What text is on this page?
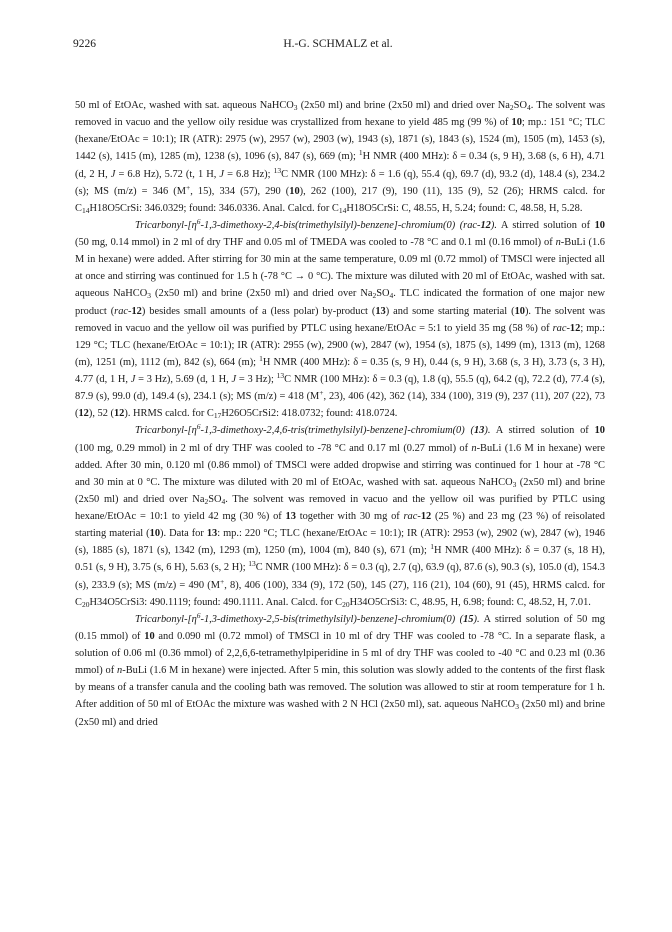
9226	H.-G. SCHMALZ et al.

50 ml of EtOAc, washed with sat. aqueous NaHCO$_3$ (2x50 ml) and brine (2x50 ml) and dried over $Na_2SO_4$. The solvent was removed in vacuo and the yellow oily residue was crystallized from hexane to yield 485 mg (99 %) of 10; mp.: 151 °C; TLC (hexane/EtOAc = 10:1); IR (ATR): 2975 (w), 2957 (w), 2903 (w), 1943 (s), 1871 (s), 1843 (s), 1524 (m), 1505 (m), 1453 (s), 1442 (s), 1415 (m), 1285 (m), 1238 (s), 1096 (s), 847 (s), 669 (m); $^1$H NMR (400 MHz): δ = 0.34 (s, 9 H), 3.68 (s, 6 H), 4.71 (d, 2 H, J = 6.8 Hz), 5.72 (t, 1 H, J = 6.8 Hz); $^{13}$C NMR (100 MHz): δ = 1.6 (q), 55.4 (q), 69.7 (d), 93.2 (d), 148.4 (s), 234.2 (s); MS (m/z) = 346 (M+, 15), 334 (57), 290 (10), 262 (100), 217 (9), 190 (11), 135 (9), 52 (26); HRMS calcd. for $C_{14}H18O5CrSi$: 346.0329; found: 346.0336. Anal. Calcd. for $C_{14}H18O5CrSi$: C, 48.55, H, 5.24; found: C, 48.58, H, 5.28.

Tricarbonyl-$[\eta^6-1,3-dimethoxy-2,4-bis(trimethylsilyl)-benzene]-chromium(0)$ (rac-12). A stirred solution of 10 (50 mg, 0.14 mmol) in 2 ml of dry THF and 0.05 ml of TMEDA was cooled to -78 °C and 0.1 ml (0.16 mmol) of n-BuLi (1.6 M in hexane) were added. After stirring for 30 min at the same temperature, 0.09 ml (0.72 mmol) of TMSCl were injected all at once and stirring was continued for 1.5 h (-78 °C → 0 °C). The mixture was diluted with 20 ml of EtOAc, washed with sat. aqueous NaHCO$_3$ (2x50 ml) and brine (2x50 ml) and dried over $Na_2SO_4$. TLC indicated the formation of one major new product (rac-12) besides small amounts of a (less polar) by-product (13) and some starting material (10). The solvent was removed in vacuo and the yellow oil was purified by PTLC using hexane/EtOAc = 5:1 to yield 35 mg (58 %) of rac-12; mp.: 129 °C; TLC (hexane/EtOAc = 10:1); IR (ATR): 2955 (w), 2900 (w), 2847 (w), 1954 (s), 1875 (s), 1499 (m), 1313 (m), 1268 (m), 1251 (m), 1112 (m), 842 (s), 664 (m); $^1$H NMR (400 MHz): δ = 0.35 (s, 9 H), 0.44 (s, 9 H), 3.68 (s, 3 H), 3.73 (s, 3 H), 4.77 (d, 1 H, J = 3 Hz), 5.69 (d, 1 H, J = 3 Hz); $^{13}$C NMR (100 MHz): δ = 0.3 (q), 1.8 (q), 55.5 (q), 64.2 (q), 72.2 (d), 77.4 (s), 87.9 (s), 99.0 (d), 149.4 (s), 234.1 (s); MS (m/z) = 418 (M+, 23), 406 (42), 362 (14), 334 (100), 319 (9), 237 (11), 207 (22), 73 (12), 52 (12). HRMS calcd. for $C_{17}H26O5CrSi2$: 418.0732; found: 418.0724.

Tricarbonyl-$[\eta^6-1,3-dimethoxy-2,4,6-tris(trimethylsilyl)-benzene]-chromium(0)$ (13). A stirred solution of 10 (100 mg, 0.29 mmol) in 2 ml of dry THF was cooled to -78 °C and 0.17 ml (0.27 mmol) of n-BuLi (1.6 M in hexane) were added. After 30 min, 0.120 ml (0.86 mmol) of TMSCl were added dropwise and stirring was continued for 1 hour at -78 °C and 30 min at 0 °C. The mixture was diluted with 20 ml of EtOAc, washed with sat. aqueous NaHCO$_3$ (2x50 ml) and brine (2x50 ml) and dried over $Na_2SO_4$. The solvent was removed in vacuo and the yellow oil was purified by PTLC using hexane/EtOAc = 10:1 to yield 42 mg (30 %) of 13 together with 30 mg of rac-12 (25 %) and 23 mg (23 %) of reisolated starting material (10). Data for 13: mp.: 220 °C; TLC (hexane/EtOAc = 10:1); IR (ATR): 2953 (w), 2902 (w), 2847 (w), 1946 (s), 1885 (s), 1871 (s), 1342 (m), 1293 (m), 1250 (m), 1004 (m), 840 (s), 671 (m); $^1$H NMR (400 MHz): δ = 0.37 (s, 18 H), 0.51 (s, 9 H), 3.75 (s, 6 H), 5.63 (s, 2 H); $^{13}$C NMR (100 MHz): δ = 0.3 (q), 2.7 (q), 63.9 (q), 87.6 (s), 90.3 (s), 105.0 (d), 154.3 (s), 233.9 (s); MS (m/z) = 490 (M+, 8), 406 (100), 334 (9), 172 (50), 145 (27), 116 (21), 104 (60), 91 (45), HRMS calcd. for $C_{20}H34O5CrSi3$: 490.1119; found: 490.1111. Anal. Calcd. for $C_{20}H34O5CrSi3$: C, 48.95, H, 6.98; found: C, 48.52, H, 7.01.

Tricarbonyl-$[\eta^6-1,3-dimethoxy-2,5-bis(trimethylsilyl)-benzene]-chromium(0)$ (15). A stirred solution of 50 mg (0.15 mmol) of 10 and 0.090 ml (0.72 mmol) of TMSCl in 10 ml of dry THF was cooled to -78 °C. In a separate flask, a solution of 0.06 ml (0.36 mmol) of 2,2,6,6-tetramethylpiperidine in 5 ml of dry THF was cooled to -40 °C and 0.23 ml (0.36 mmol) of n-BuLi (1.6 M in hexane) were injected. After 5 min, this solution was slowly added to the contents of the first flask by means of a transfer canula and the cooling bath was removed. The solution was allowed to stir at room temperature for 1 h. After addition of 50 ml of EtOAc the mixture was washed with 2 N HCl (2x50 ml), sat. aqueous NaHCO$_3$ (2x50 ml) and brine (2x50 ml) and dried
